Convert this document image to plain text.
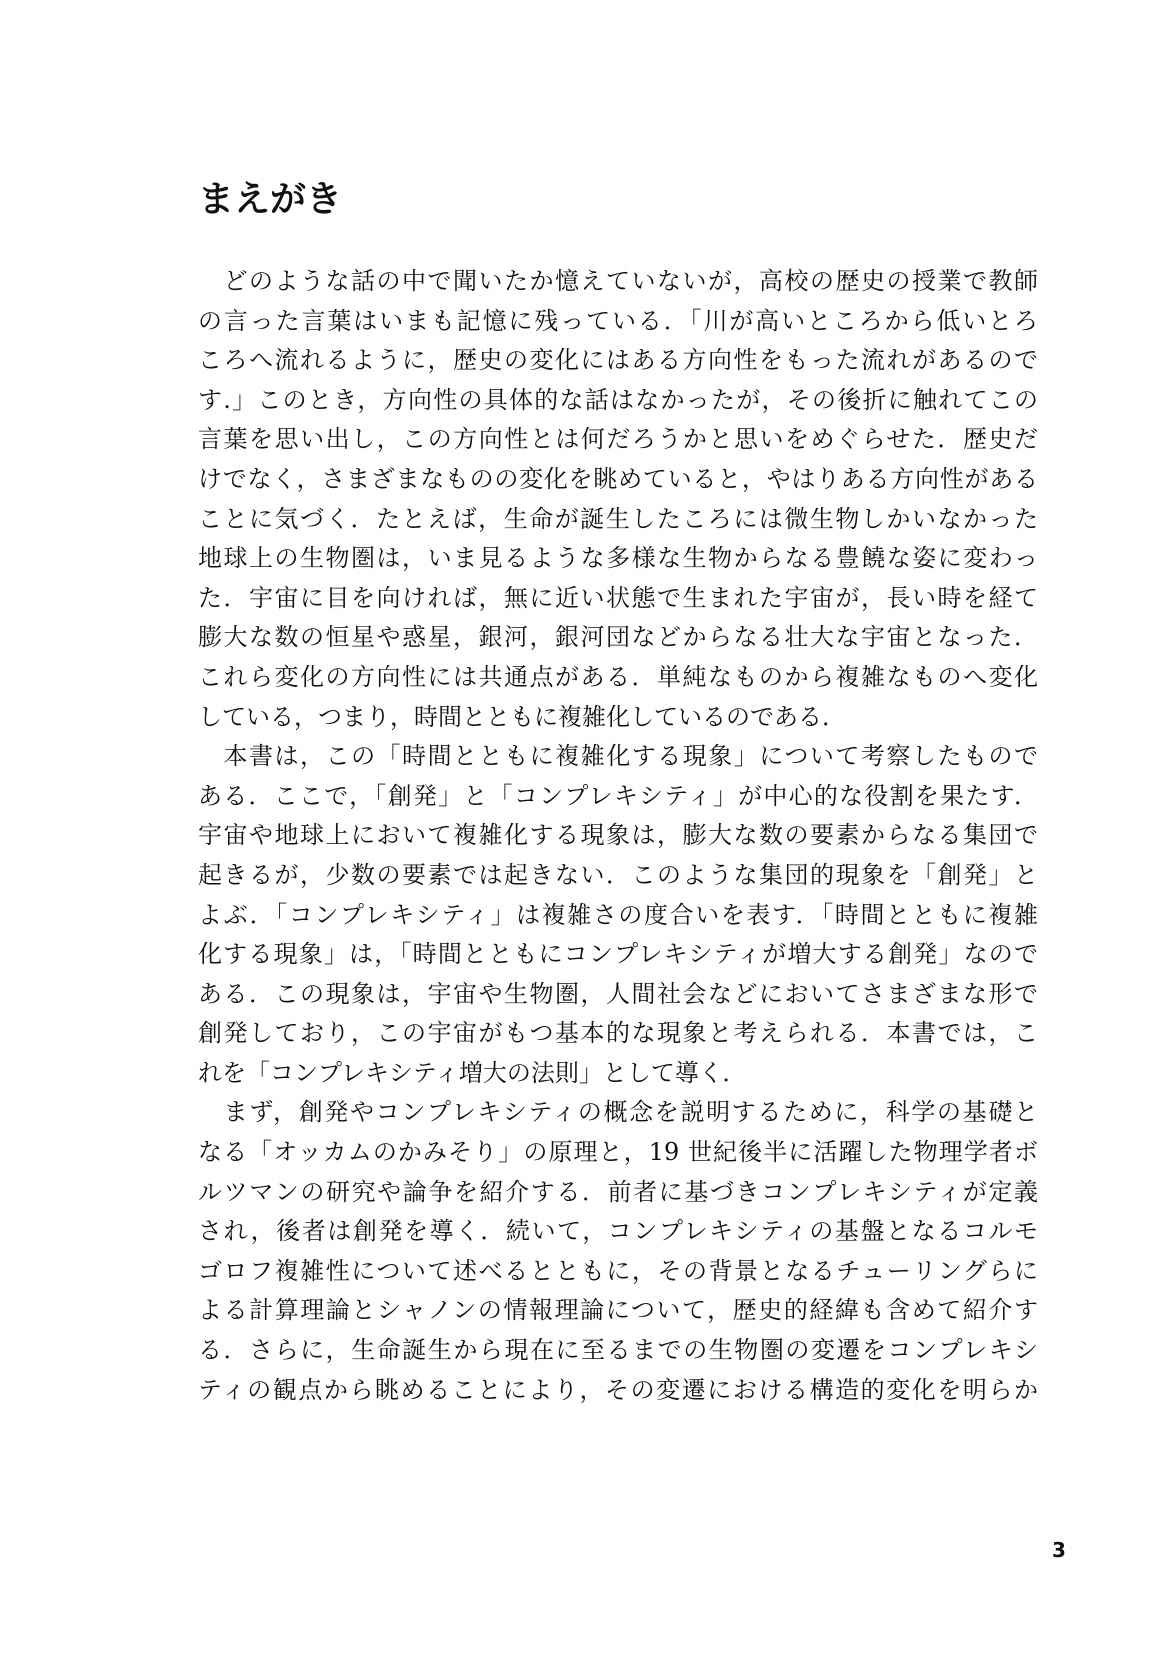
まえがき
　どのような話の中で聞いたか憶えていないが，高校の歴史の授業で教師
の言った言葉はいまも記憶に残っている．「川が高いところから低いとろ
ころへ流れるように，歴史の変化にはある方向性をもった流れがあるので
す.」このとき，方向性の具体的な話はなかったが，その後折に触れてこの
言葉を思い出し，この方向性とは何だろうかと思いをめぐらせた．歴史だ
けでなく，さまざまなものの変化を眺めていると，やはりある方向性がある
ことに気づく．たとえば，生命が誕生したころには微生物しかいなかった
地球上の生物圏は，いま見るような多様な生物からなる豊饒な姿に変わっ
た．宇宙に目を向ければ，無に近い状態で生まれた宇宙が，長い時を経て
膨大な数の恒星や惑星，銀河，銀河団などからなる壮大な宇宙となった．
これら変化の方向性には共通点がある．単純なものから複雑なものへ変化
している，つまり，時間とともに複雑化しているのである．
　本書は，この「時間とともに複雑化する現象」について考察したもので
ある．ここで，「創発」と「コンプレキシティ」が中心的な役割を果たす．
宇宙や地球上において複雑化する現象は，膨大な数の要素からなる集団で
起きるが，少数の要素では起きない．このような集団的現象を「創発」と
よぶ．「コンプレキシティ」は複雑さの度合いを表す．「時間とともに複雑
化する現象」は，「時間とともにコンプレキシティが増大する創発」なので
ある．この現象は，宇宙や生物圏，人間社会などにおいてさまざまな形で
創発しており，この宇宙がもつ基本的な現象と考えられる．本書では，こ
れを「コンプレキシティ増大の法則」として導く．
　まず，創発やコンプレキシティの概念を説明するために，科学の基礎と
なる「オッカムのかみそり」の原理と，19 世紀後半に活躍した物理学者ボ
ルツマンの研究や論争を紹介する．前者に基づきコンプレキシティが定義
され，後者は創発を導く．続いて，コンプレキシティの基盤となるコルモ
ゴロフ複雑性について述べるとともに，その背景となるチューリングらに
よる計算理論とシャノンの情報理論について，歴史的経緯も含めて紹介す
る．さらに，生命誕生から現在に至るまでの生物圏の変遷をコンプレキシ
ティの観点から眺めることにより，その変遷における構造的変化を明らか
3
